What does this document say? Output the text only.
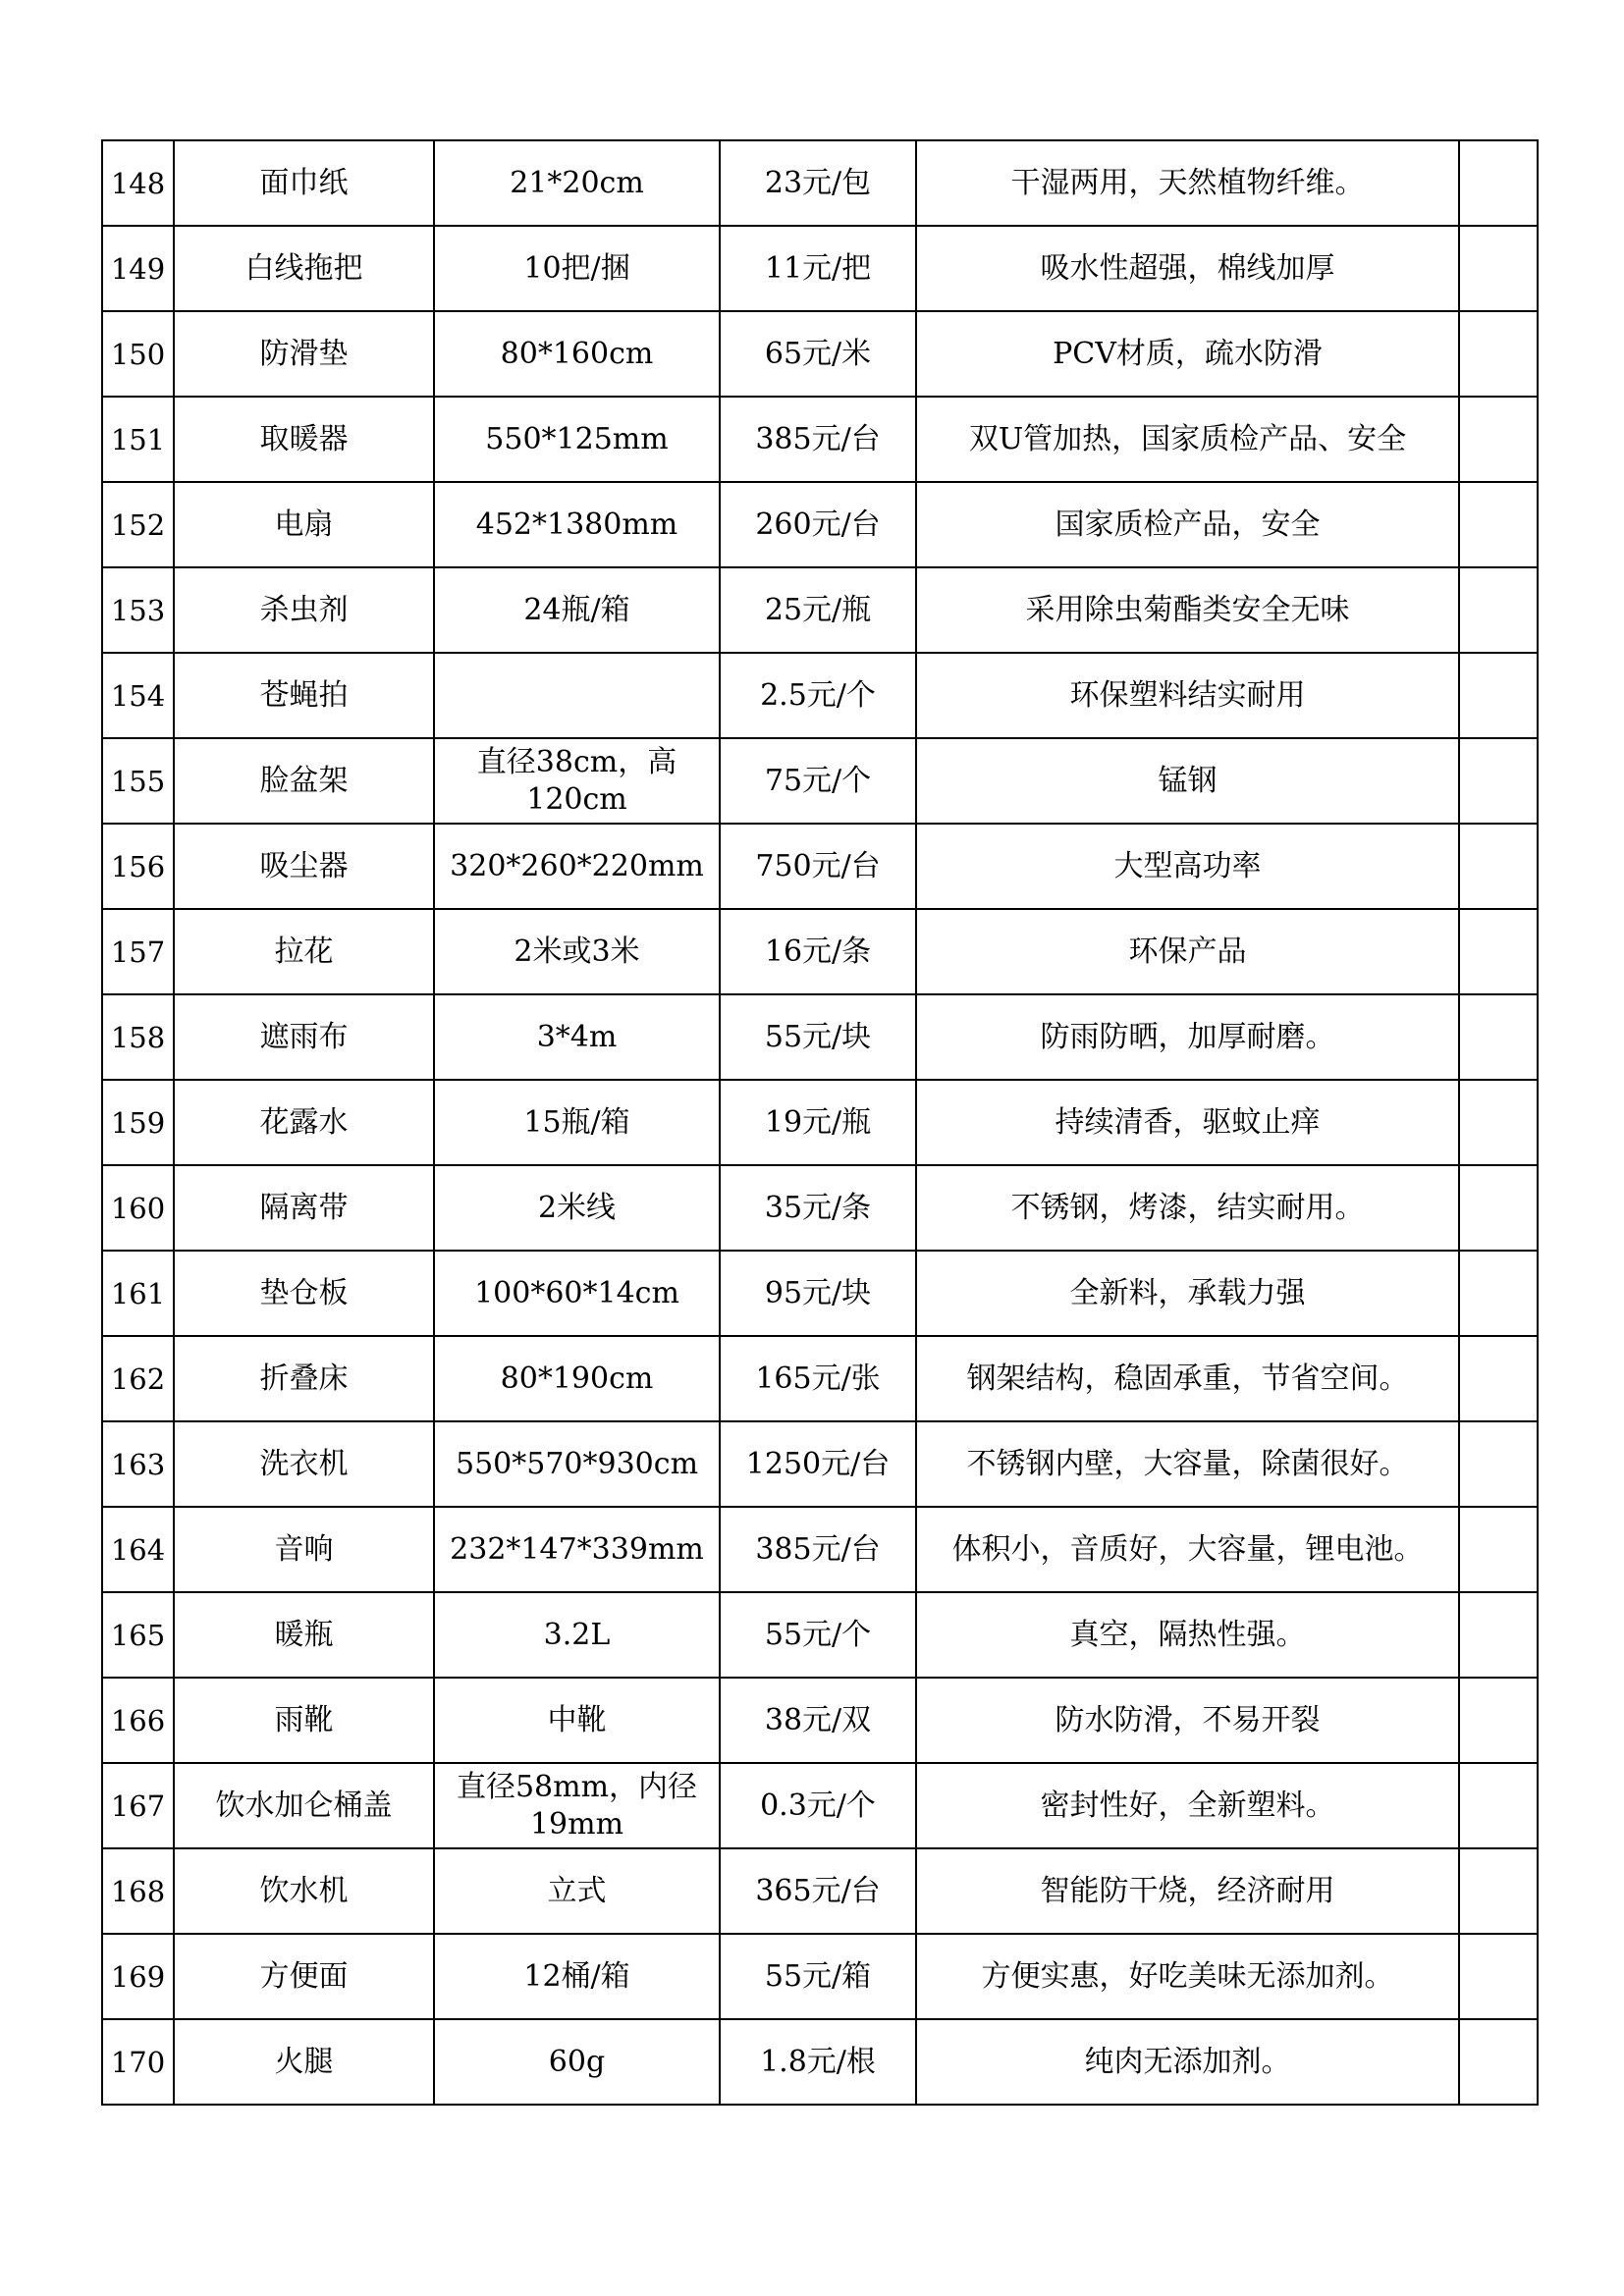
148	面巾纸	21*20cm	23元/包	干湿两用，天然植物纤维。	
149	白线拖把	10把/捆	11元/把	吸水性超强，棉线加厚	
150	防滑垫	80*160cm	65元/米	PCV材质，疏水防滑	
151	取暖器	550*125mm	385元/台	双U管加热，国家质检产品、安全	
152	电扇	452*1380mm	260元/台	国家质检产品，安全	
153	杀虫剂	24瓶/箱	25元/瓶	采用除虫菊酯类安全无味	
154	苍蝇拍		2.5元/个	环保塑料结实耐用	
155	脸盆架	直径38cm，高120cm	75元/个	锰钢	
156	吸尘器	320*260*220mm	750元/台	大型高功率	
157	拉花	2米或3米	16元/条	环保产品	
158	遮雨布	3*4m	55元/块	防雨防晒，加厚耐磨。	
159	花露水	15瓶/箱	19元/瓶	持续清香，驱蚊止痒	
160	隔离带	2米线	35元/条	不锈钢，烤漆，结实耐用。	
161	垫仓板	100*60*14cm	95元/块	全新料，承载力强	
162	折叠床	80*190cm	165元/张	钢架结构，稳固承重，节省空间。	
163	洗衣机	550*570*930cm	1250元/台	不锈钢内壁，大容量，除菌很好。	
164	音响	232*147*339mm	385元/台	体积小，音质好，大容量，锂电池。	
165	暖瓶	3.2L	55元/个	真空，隔热性强。	
166	雨靴	中靴	38元/双	防水防滑，不易开裂	
167	饮水加仑桶盖	直径58mm，内径19mm	0.3元/个	密封性好，全新塑料。	
168	饮水机	立式	365元/台	智能防干烧，经济耐用	
169	方便面	12桶/箱	55元/箱	方便实惠，好吃美味无添加剂。	
170	火腿	60g	1.8元/根	纯肉无添加剂。	
